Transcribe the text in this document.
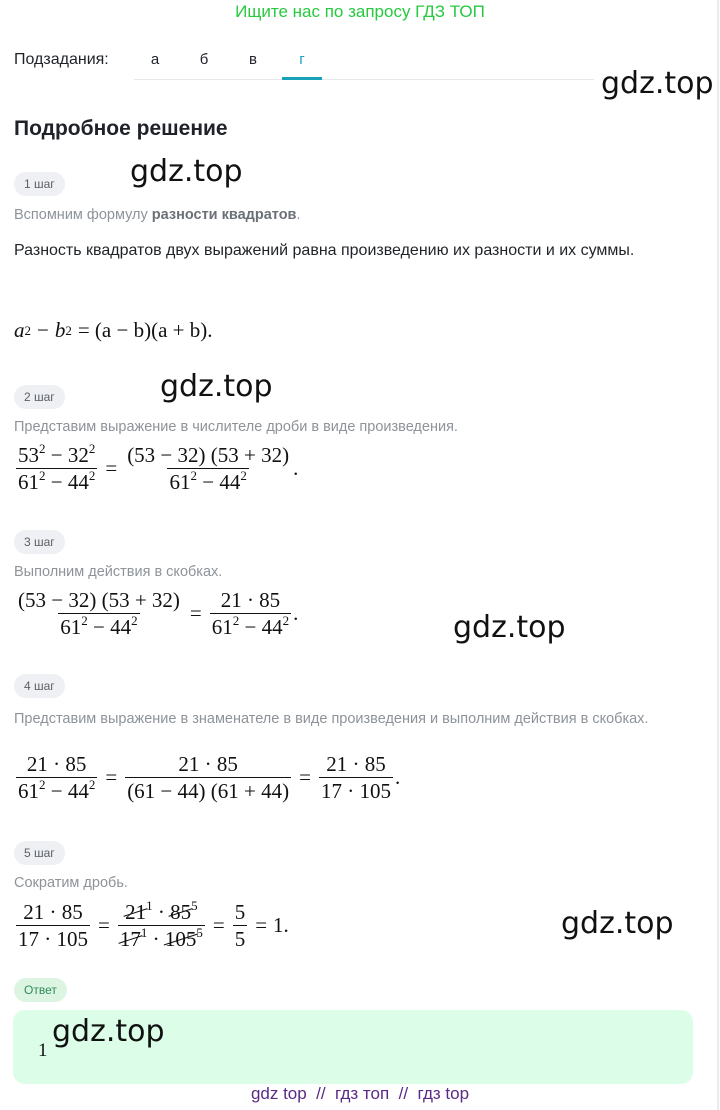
Ищите нас по запросу ГДЗ ТОП
Подзадания:	а	б	в	г
gdz.top
Подробное решение
1 шаг	gdz.top
Вспомним формулу разности квадратов.
Разность квадратов двух выражений равна произведению их разности и их суммы.
a 2 − b 2 = (a − b)(a + b).
2 шаг	gdz.top
Представим выражение в числителе дроби в виде произведения.
$\frac{53^2 - 32^2}{61^2 - 44^2} = \frac{(53 - 32) (53 + 32)}{61^2 - 44^2}$ .
3 шаг
Выполним действия в скобках.
$\frac{(53 - 32) (53 + 32)}{61^2 - 44^2} = \frac{21 \cdot 85}{61^2 - 44^2}$ .	gdz.top
4 шаг
Представим выражение в знаменателе в виде произведения и выполним действия в скобках.
$\frac{21 \cdot 85}{61^2 - 44^2} = \frac{21 \cdot 85}{(61 - 44) (61 + 44)} = \frac{21 \cdot 85}{17 \cdot 105}$ .
5 шаг
Сократим дробь.
$\frac{21 \cdot 85}{17 \cdot 105} = \frac{21^1 \cdot 85^5}{17^1 \cdot 105^5} = \frac{5}{5} = 1$.	gdz.top
Ответ
1
gdz.top
gdz top  //  гдз топ  //  гдз top
